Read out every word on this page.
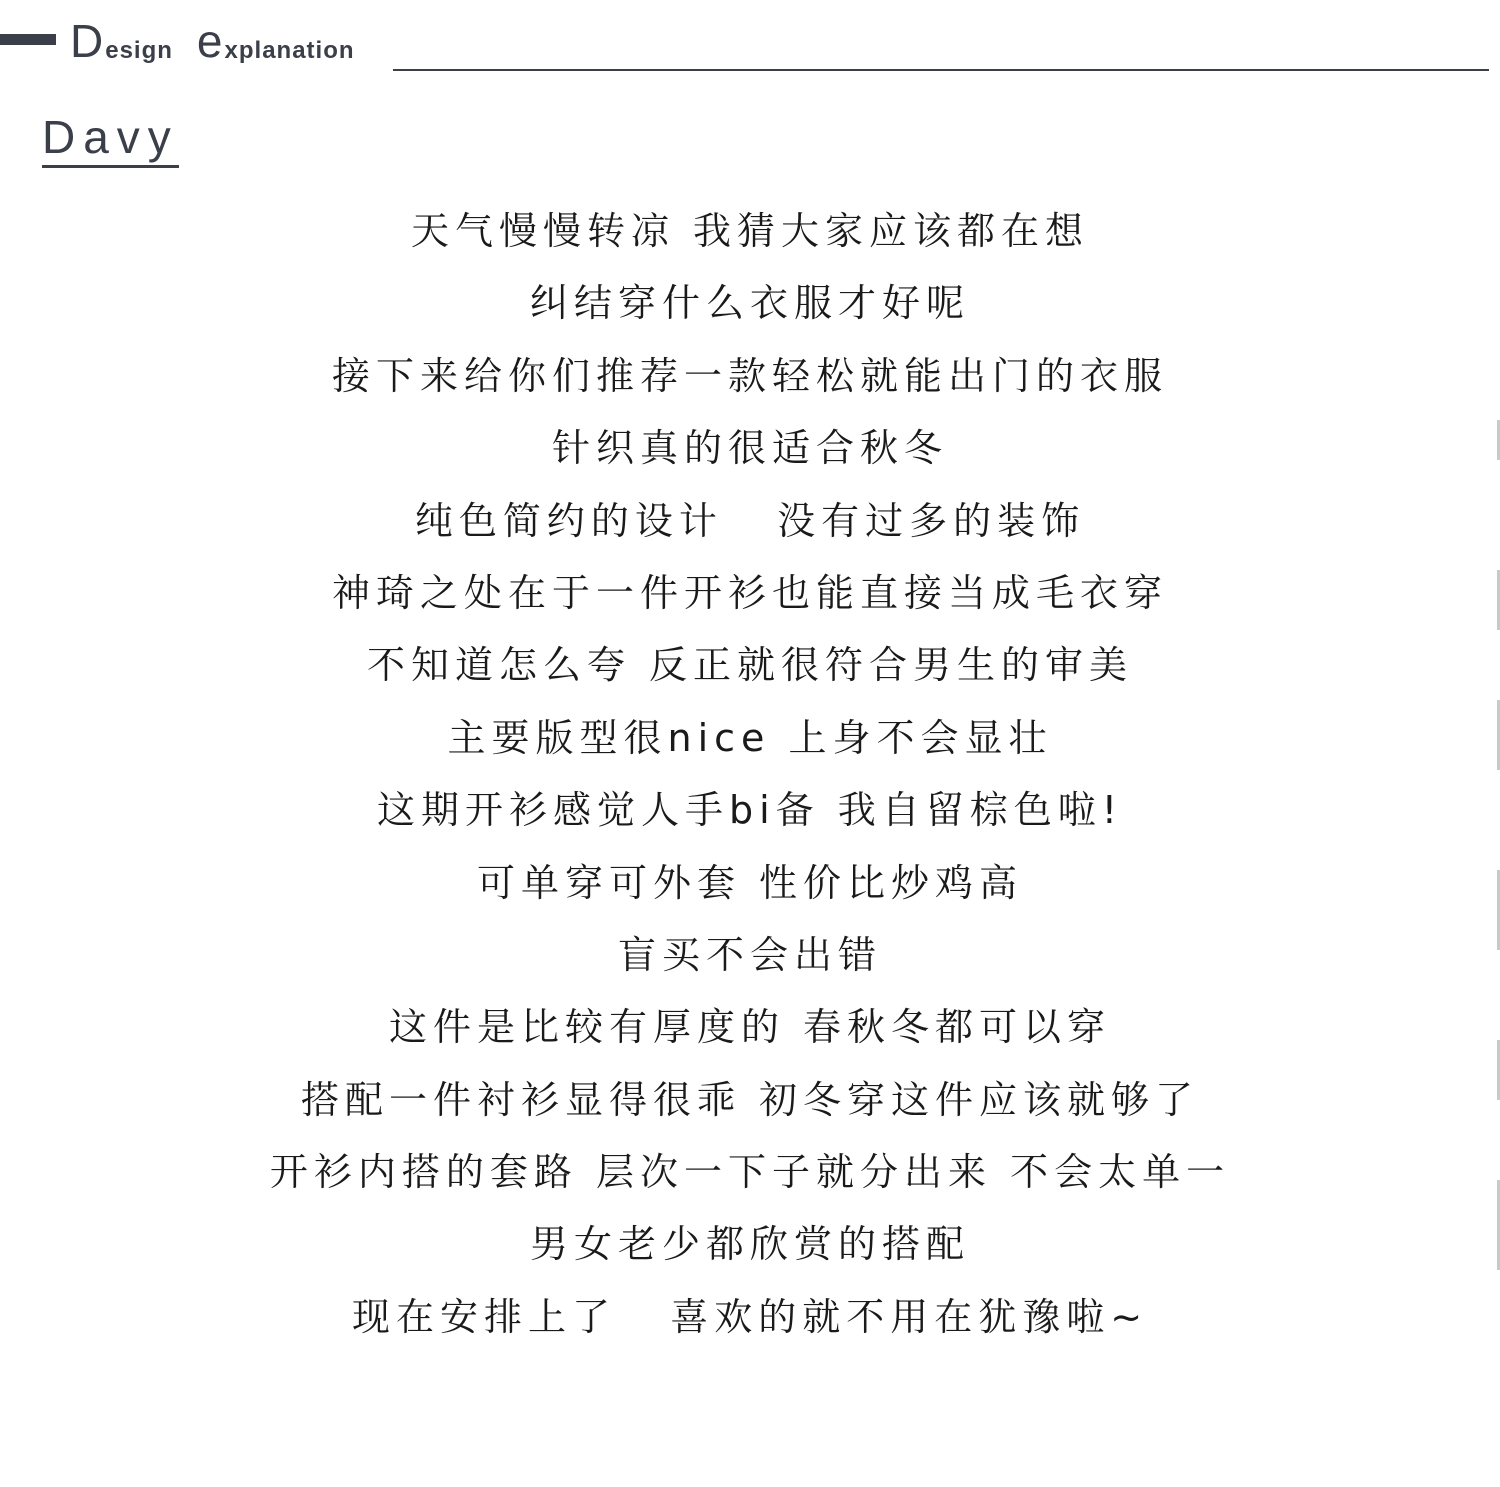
D esign e xplanation
Davy
天气慢慢转凉 我猜大家应该都在想
纠结穿什么衣服才好呢
接下来给你们推荐一款轻松就能出门的衣服
针织真的很适合秋冬
纯色简约的设计   没有过多的装饰
神琦之处在于一件开衫也能直接当成毛衣穿
不知道怎么夸 反正就很符合男生的审美
主要版型很nice 上身不会显壮
这期开衫感觉人手bi备 我自留棕色啦!
可单穿可外套 性价比炒鸡高
盲买不会出错
这件是比较有厚度的 春秋冬都可以穿
搭配一件衬衫显得很乖 初冬穿这件应该就够了
开衫内搭的套路 层次一下子就分出来 不会太单一
男女老少都欣赏的搭配
现在安排上了   喜欢的就不用在犹豫啦~
